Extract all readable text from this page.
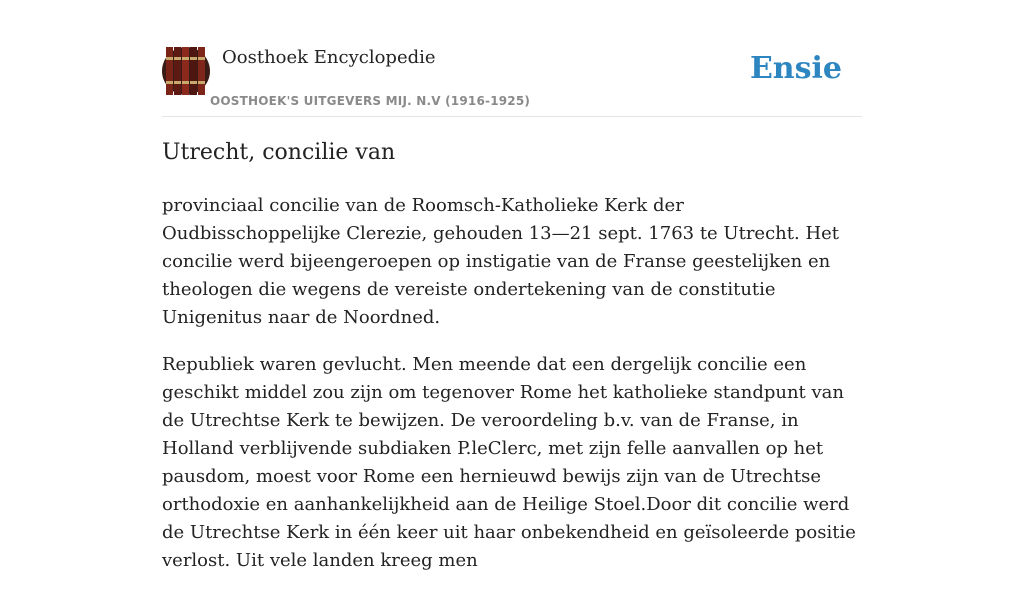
Oosthoek Encyclopedie
OOSTHOEK'S UITGEVERS MIJ. N.V (1916-1925)
Ensie
Utrecht, concilie van

provinciaal concilie van de Roomsch-Katholieke Kerk der Oudbisschoppelijke Clerezie, gehouden 13—21 sept. 1763 te Utrecht. Het concilie werd bijeengeroepen op instigatie van de Franse geestelijken en theologen die wegens de vereiste ondertekening van de constitutie Unigenitus naar de Noordned.

Republiek waren gevlucht. Men meende dat een dergelijk concilie een geschikt middel zou zijn om tegenover Rome het katholieke standpunt van de Utrechtse Kerk te bewijzen. De veroordeling b.v. van de Franse, in Holland verblijvende subdiaken P.leClerc, met zijn felle aanvallen op het pausdom, moest voor Rome een hernieuwd bewijs zijn van de Utrechtse orthodoxie en aanhankelijkheid aan de Heilige Stoel.Door dit concilie werd de Utrechtse Kerk in één keer uit haar onbekendheid en geïsoleerde positie verlost. Uit vele landen kreeg men
